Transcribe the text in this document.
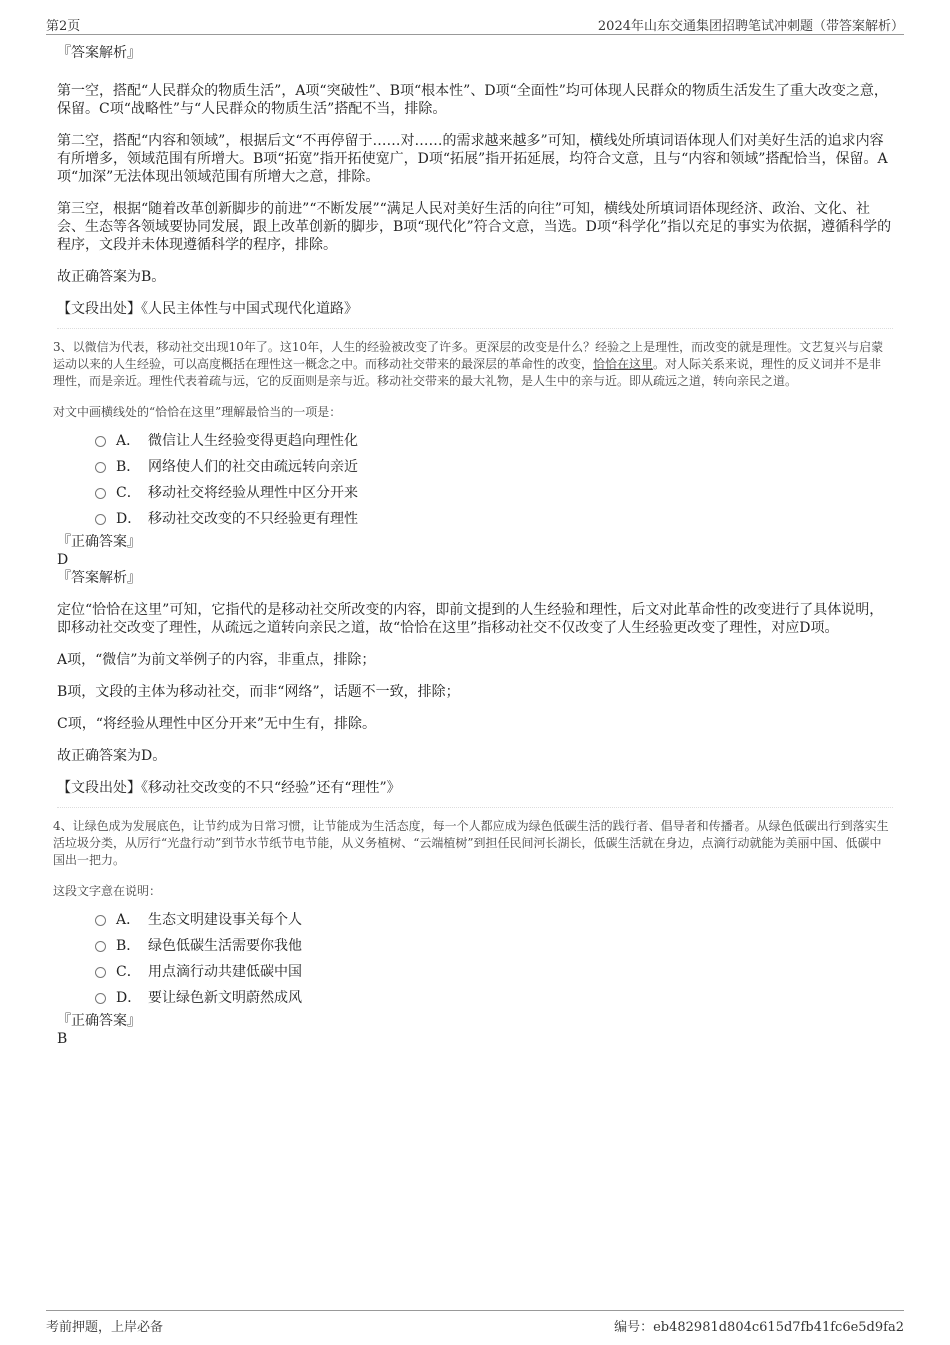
第2页	2024年山东交通集团招聘笔试冲刺题（带答案解析）

『答案解析』

第一空，搭配“人民群众的物质生活”，A项“突破性”、B项“根本性”、D项“全面性”均可体现人民群众的物质生活发生了重大改变之意，保留。C项“战略性”与“人民群众的物质生活”搭配不当，排除。

第二空，搭配“内容和领域”，根据后文“不再停留于……对……的需求越来越多”可知，横线处所填词语体现人们对美好生活的追求内容有所增多，领域范围有所增大。B项“拓宽”指开拓使宽广，D项“拓展”指开拓延展，均符合文意，且与“内容和领域”搭配恰当，保留。A项“加深”无法体现出领域范围有所增大之意，排除。

第三空，根据“随着改革创新脚步的前进”“不断发展”“满足人民对美好生活的向往”可知，横线处所填词语体现经济、政治、文化、社会、生态等各领域要协同发展，跟上改革创新的脚步，B项“现代化”符合文意，当选。D项“科学化”指以充足的事实为依据，遵循科学的程序，文段并未体现遵循科学的程序，排除。

故正确答案为B。

【文段出处】《人民主体性与中国式现代化道路》

3、以微信为代表，移动社交出现10年了。这10年，人生的经验被改变了许多。更深层的改变是什么？经验之上是理性，而改变的就是理性。文艺复兴与启蒙运动以来的人生经验，可以高度概括在理性这一概念之中。而移动社交带来的最深层的革命性的改变，恰恰在这里。对人际关系来说，理性的反义词并不是非理性，而是亲近。理性代表着疏与远，它的反面则是亲与近。移动社交带来的最大礼物，是人生中的亲与近。即从疏远之道，转向亲民之道。

对文中画横线处的“恰恰在这里”理解最恰当的一项是：

A． 微信让人生经验变得更趋向理性化
B． 网络使人们的社交由疏远转向亲近
C． 移动社交将经验从理性中区分开来
D． 移动社交改变的不只经验更有理性

『正确答案』

D

『答案解析』

定位“恰恰在这里”可知，它指代的是移动社交所改变的内容，即前文提到的人生经验和理性，后文对此革命性的改变进行了具体说明，即移动社交改变了理性，从疏远之道转向亲民之道，故“恰恰在这里”指移动社交不仅改变了人生经验更改变了理性，对应D项。

A项，“微信”为前文举例子的内容，非重点，排除；

B项，文段的主体为移动社交，而非“网络”，话题不一致，排除；

C项，“将经验从理性中区分开来”无中生有，排除。

故正确答案为D。

【文段出处】《移动社交改变的不只“经验”还有“理性”》

4、让绿色成为发展底色，让节约成为日常习惯，让节能成为生活态度，每一个人都应成为绿色低碳生活的践行者、倡导者和传播者。从绿色低碳出行到落实生活垃圾分类，从厉行“光盘行动”到节水节纸节电节能，从义务植树、“云端植树”到担任民间河长湖长，低碳生活就在身边，点滴行动就能为美丽中国、低碳中国出一把力。

这段文字意在说明：

A． 生态文明建设事关每个人
B． 绿色低碳生活需要你我他
C． 用点滴行动共建低碳中国
D． 要让绿色新文明蔚然成风

『正确答案』

B

考前押题，上岸必备	编号：eb482981d804c615d7fb41fc6e5d9fa2
